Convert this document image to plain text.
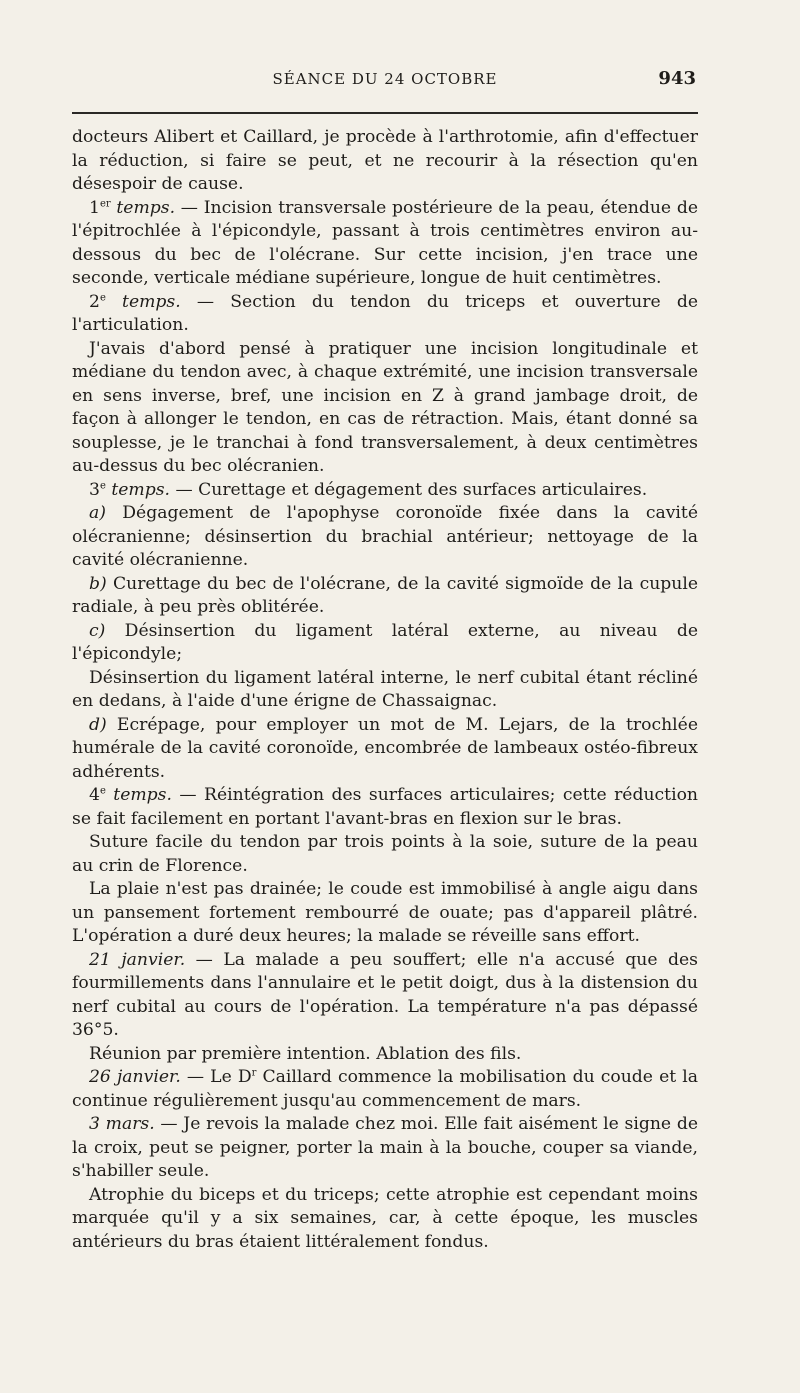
SÉANCE DU 24 OCTOBRE	943

docteurs Alibert et Caillard, je procède à l'arthrotomie, afin d'effectuer la réduction, si faire se peut, et ne recourir à la résection qu'en désespoir de cause.

1er temps. — Incision transversale postérieure de la peau, étendue de l'épitrochlée à l'épicondyle, passant à trois centimètres environ au-dessous du bec de l'olécrane. Sur cette incision, j'en trace une seconde, verticale médiane supérieure, longue de huit centimètres.

2e temps. — Section du tendon du triceps et ouverture de l'articulation.

J'avais d'abord pensé à pratiquer une incision longitudinale et médiane du tendon avec, à chaque extrémité, une incision transversale en sens inverse, bref, une incision en Z à grand jambage droit, de façon à allonger le tendon, en cas de rétraction. Mais, étant donné sa souplesse, je le tranchai à fond transversalement, à deux centimètres au-dessus du bec olécranien.

3e temps. — Curettage et dégagement des surfaces articulaires.

a) Dégagement de l'apophyse coronoïde fixée dans la cavité olécranienne; désinsertion du brachial antérieur; nettoyage de la cavité olécranienne.

b) Curettage du bec de l'olécrane, de la cavité sigmoïde de la cupule radiale, à peu près oblitérée.

c) Désinsertion du ligament latéral externe, au niveau de l'épicondyle;

Désinsertion du ligament latéral interne, le nerf cubital étant récliné en dedans, à l'aide d'une érigne de Chassaignac.

d) Ecrépage, pour employer un mot de M. Lejars, de la trochlée humérale de la cavité coronoïde, encombrée de lambeaux ostéo-fibreux adhérents.

4e temps. — Réintégration des surfaces articulaires; cette réduction se fait facilement en portant l'avant-bras en flexion sur le bras.

Suture facile du tendon par trois points à la soie, suture de la peau au crin de Florence.

La plaie n'est pas drainée; le coude est immobilisé à angle aigu dans un pansement fortement rembourré de ouate; pas d'appareil plâtré. L'opération a duré deux heures; la malade se réveille sans effort.

21 janvier. — La malade a peu souffert; elle n'a accusé que des fourmillements dans l'annulaire et le petit doigt, dus à la distension du nerf cubital au cours de l'opération. La température n'a pas dépassé 36°5.

Réunion par première intention. Ablation des fils.

26 janvier. — Le $D^r$ Caillard commence la mobilisation du coude et la continue régulièrement jusqu'au commencement de mars.

3 mars. — Je revois la malade chez moi. Elle fait aisément le signe de la croix, peut se peigner, porter la main à la bouche, couper sa viande, s'habiller seule.

Atrophie du biceps et du triceps; cette atrophie est cependant moins marquée qu'il y a six semaines, car, à cette époque, les muscles antérieurs du bras étaient littéralement fondus.
